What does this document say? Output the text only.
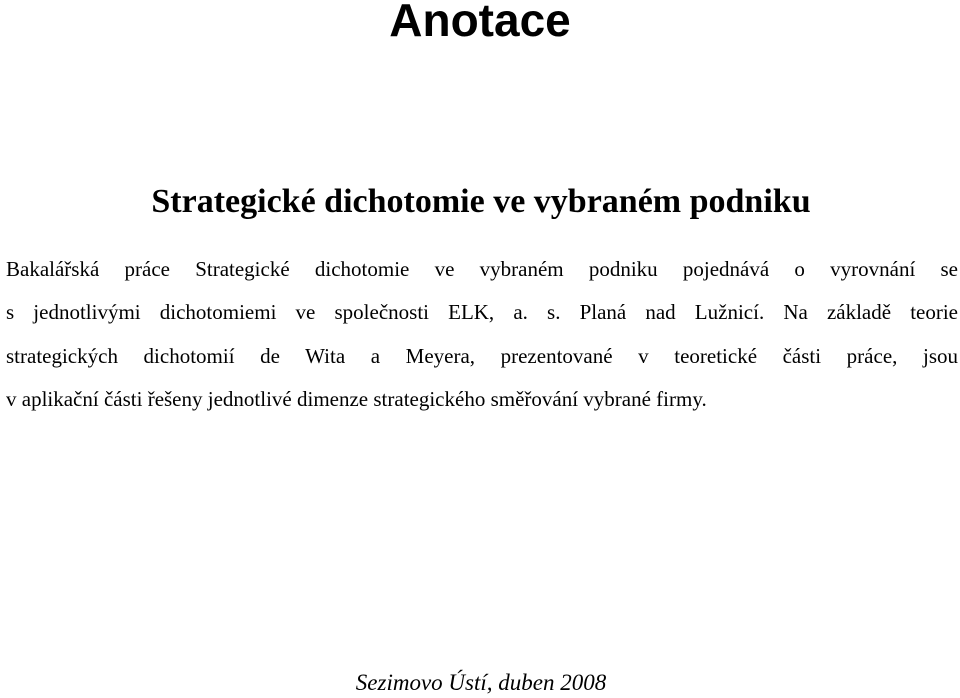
Anotace
Strategické dichotomie ve vybraném podniku

Bakalářská práce Strategické dichotomie ve vybraném podniku pojednává o vyrovnání se
s jednotlivými dichotomiemi ve společnosti ELK, a. s. Planá nad Lužnicí. Na základě teorie
strategických dichotomií de Wita a Meyera, prezentované v teoretické části práce, jsou
v aplikační části řešeny jednotlivé dimenze strategického směřování vybrané firmy.

Sezimovo Ústí, duben 2008
